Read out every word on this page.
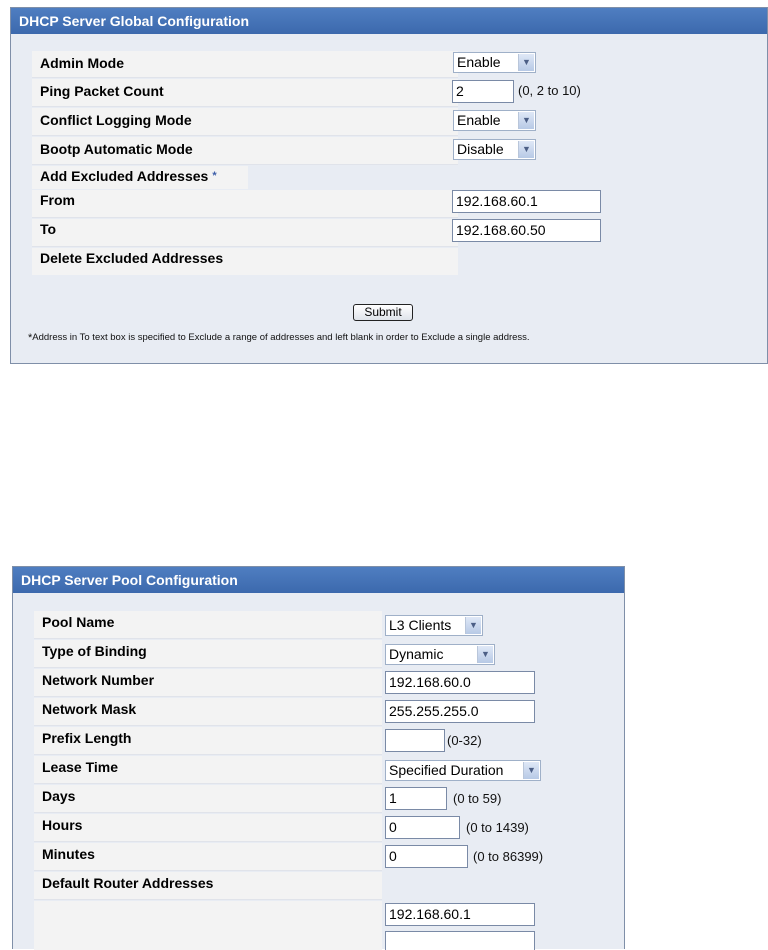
DHCP Server Global Configuration
Admin Mode	Enable	▼
Ping Packet Count	2	(0, 2 to 10)
Conflict Logging Mode	Enable	▼
Bootp Automatic Mode	Disable	▼
Add Excluded Addresses *
From	192.168.60.1
To	192.168.60.50
Delete Excluded Addresses
Submit
*Address in To text box is specified to Exclude a range of addresses and left blank in order to Exclude a single address.
DHCP Server Pool Configuration
Pool Name	L3 Clients	▼
Type of Binding	Dynamic	▼
Network Number	192.168.60.0
Network Mask	255.255.255.0
Prefix Length	(0-32)
Lease Time	Specified Duration	▼
Days	1	(0 to 59)
Hours	0	(0 to 1439)
Minutes	0	(0 to 86399)
Default Router Addresses
192.168.60.1
